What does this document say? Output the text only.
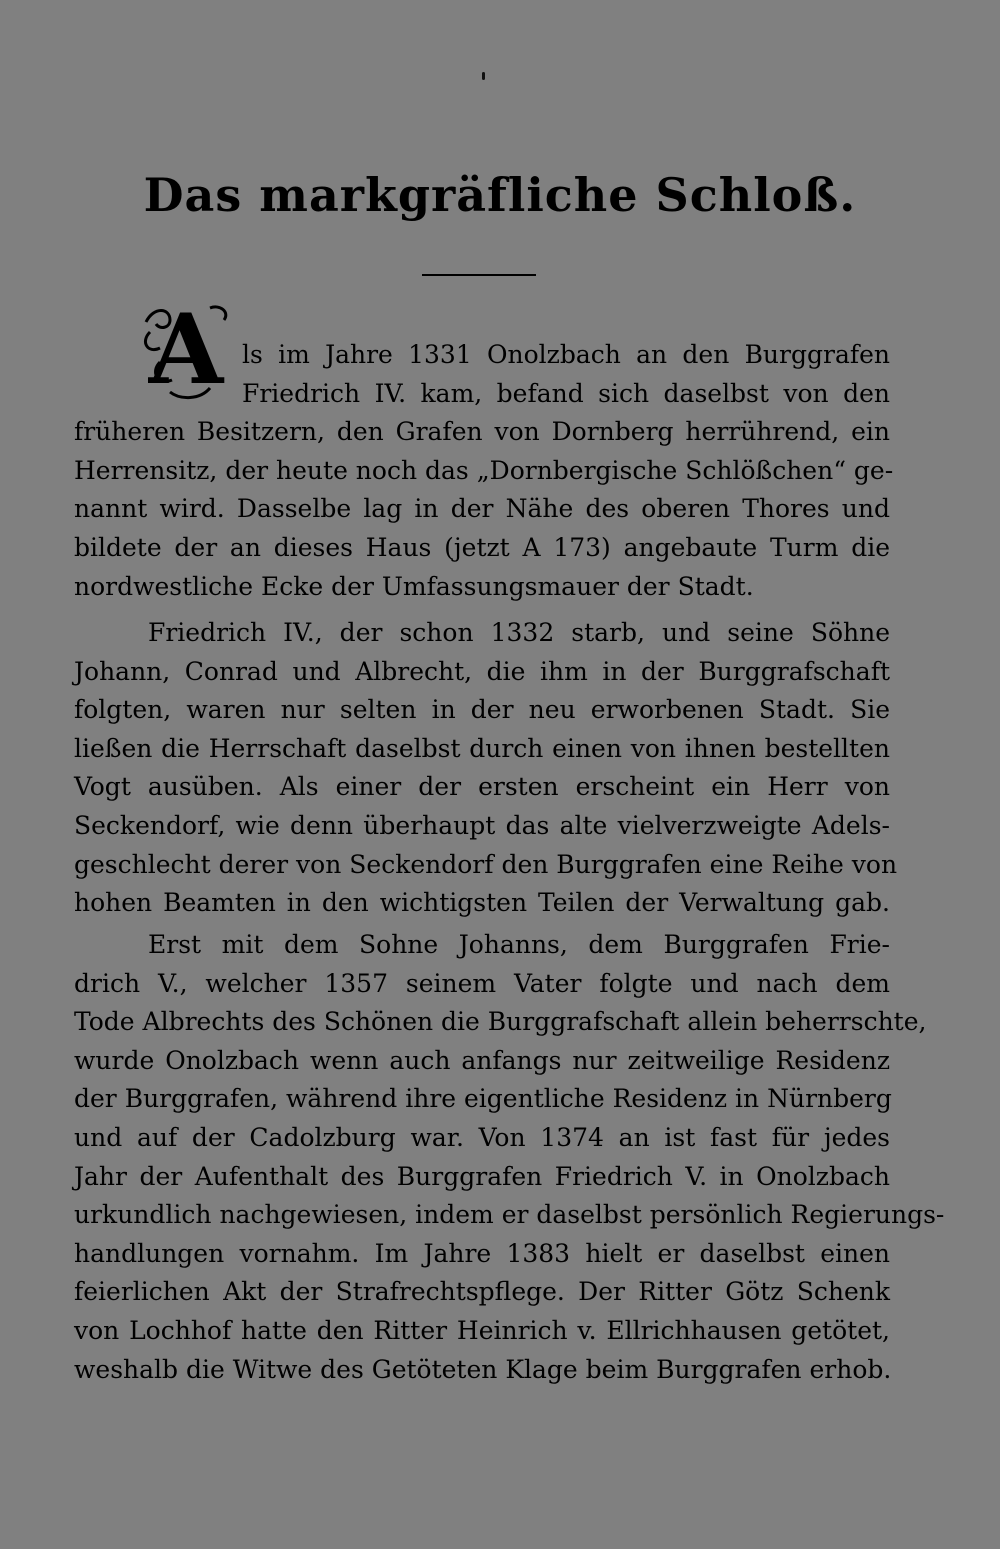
Das markgräfliche Schloß.
A ls im Jahre 1331 Onolzbach an den Burggrafen
Friedrich IV. kam, befand sich daselbst von den
früheren Besitzern, den Grafen von Dornberg herrührend, ein
Herrensitz, der heute noch das „Dornbergische Schlößchen“ ge-
nannt wird. Dasselbe lag in der Nähe des oberen Thores und
bildete der an dieses Haus (jetzt A 173) angebaute Turm die
nordwestliche Ecke der Umfassungsmauer der Stadt.
Friedrich IV., der schon 1332 starb, und seine Söhne
Johann, Conrad und Albrecht, die ihm in der Burggrafschaft
folgten, waren nur selten in der neu erworbenen Stadt. Sie
ließen die Herrschaft daselbst durch einen von ihnen bestellten
Vogt ausüben. Als einer der ersten erscheint ein Herr von
Seckendorf, wie denn überhaupt das alte vielverzweigte Adels-
geschlecht derer von Seckendorf den Burggrafen eine Reihe von
hohen Beamten in den wichtigsten Teilen der Verwaltung gab.
Erst mit dem Sohne Johanns, dem Burggrafen Frie-
drich V., welcher 1357 seinem Vater folgte und nach dem
Tode Albrechts des Schönen die Burggrafschaft allein beherrschte,
wurde Onolzbach wenn auch anfangs nur zeitweilige Residenz
der Burggrafen, während ihre eigentliche Residenz in Nürnberg
und auf der Cadolzburg war. Von 1374 an ist fast für jedes
Jahr der Aufenthalt des Burggrafen Friedrich V. in Onolzbach
urkundlich nachgewiesen, indem er daselbst persönlich Regierungs-
handlungen vornahm. Im Jahre 1383 hielt er daselbst einen
feierlichen Akt der Strafrechtspflege. Der Ritter Götz Schenk
von Lochhof hatte den Ritter Heinrich v. Ellrichhausen getötet,
weshalb die Witwe des Getöteten Klage beim Burggrafen erhob.
